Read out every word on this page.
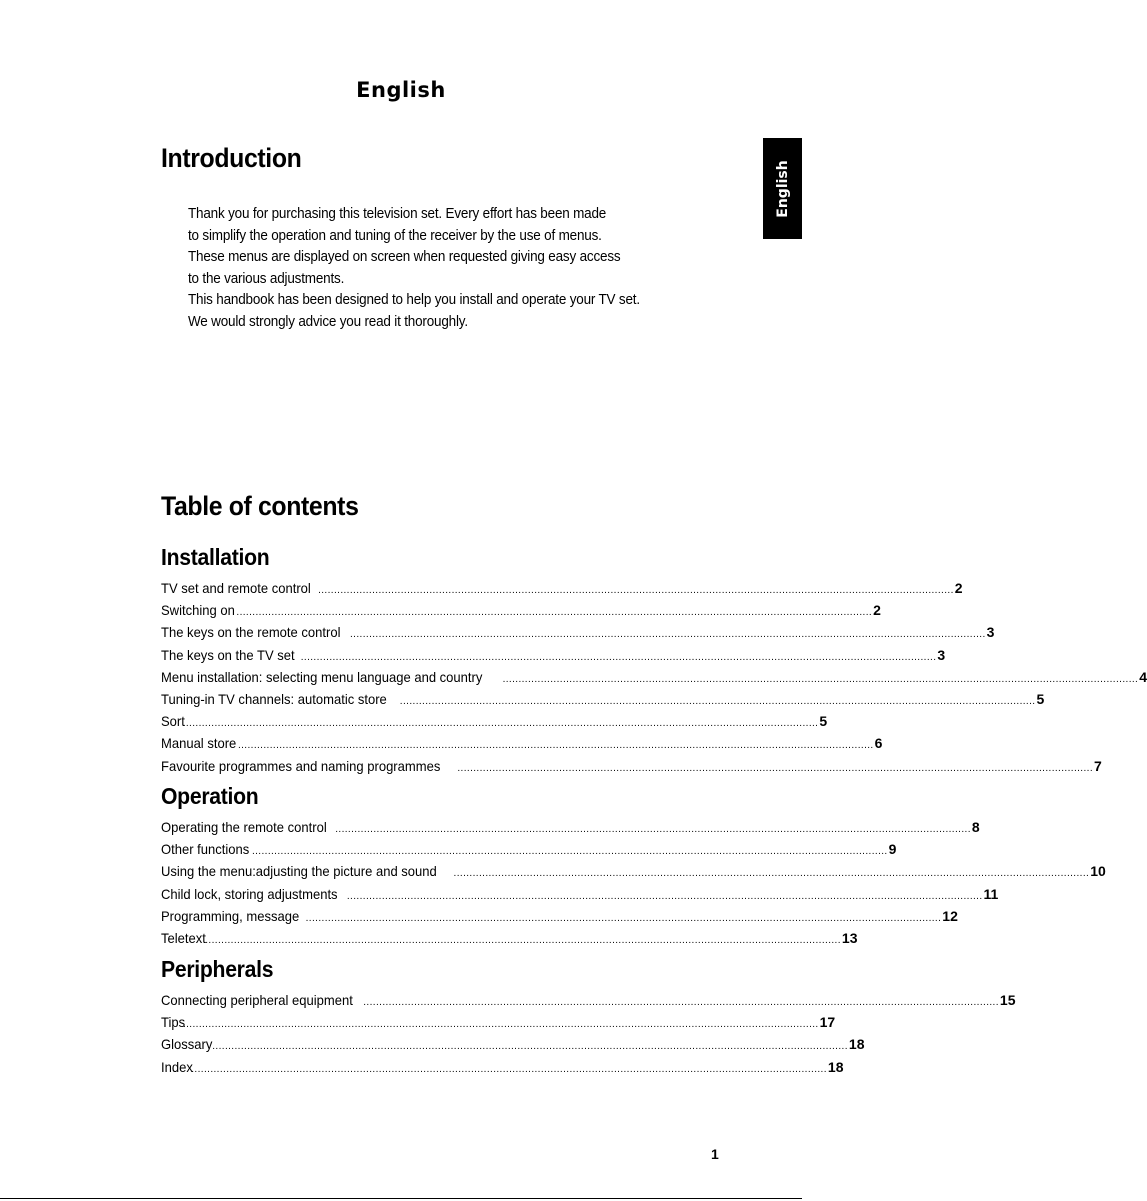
English
English
Introduction
Thank you for purchasing this television set. Every effort has been made
to simplify the operation and tuning of the receiver by the use of menus.
These menus are displayed on screen when requested giving easy access
to the various adjustments.
This handbook has been designed to help you install and operate your TV set.
We would strongly advice you read it thoroughly.
Table of contents
Installation
TV set and remote control ........................................................................................................................................................................................................ 2
Switching on ........................................................................................................................................................................................................ 2
The keys on the remote control ........................................................................................................................................................................................................ 3
The keys on the TV set ........................................................................................................................................................................................................ 3
Menu installation: selecting menu language and country ........................................................................................................................................................................................................ 4
Tuning-in TV channels: automatic store ........................................................................................................................................................................................................ 5
Sort
........................................................................................................................................................................................................ 5
Manual store ........................................................................................................................................................................................................ 6
Favourite programmes and naming programmes ........................................................................................................................................................................................................ 7
Operation
Operating the remote control ........................................................................................................................................................................................................ 8
Other functions ........................................................................................................................................................................................................ 9
Using the menu:adjusting the picture and sound ........................................................................................................................................................................................................ 10
Child lock, storing adjustments ........................................................................................................................................................................................................ 11
Programming, message ........................................................................................................................................................................................................ 12
Teletext ........................................................................................................................................................................................................ 13
Peripherals
Connecting peripheral equipment ........................................................................................................................................................................................................ 15
Tips
........................................................................................................................................................................................................ 17
Glossary ........................................................................................................................................................................................................ 18
Index
........................................................................................................................................................................................................ 18
1
